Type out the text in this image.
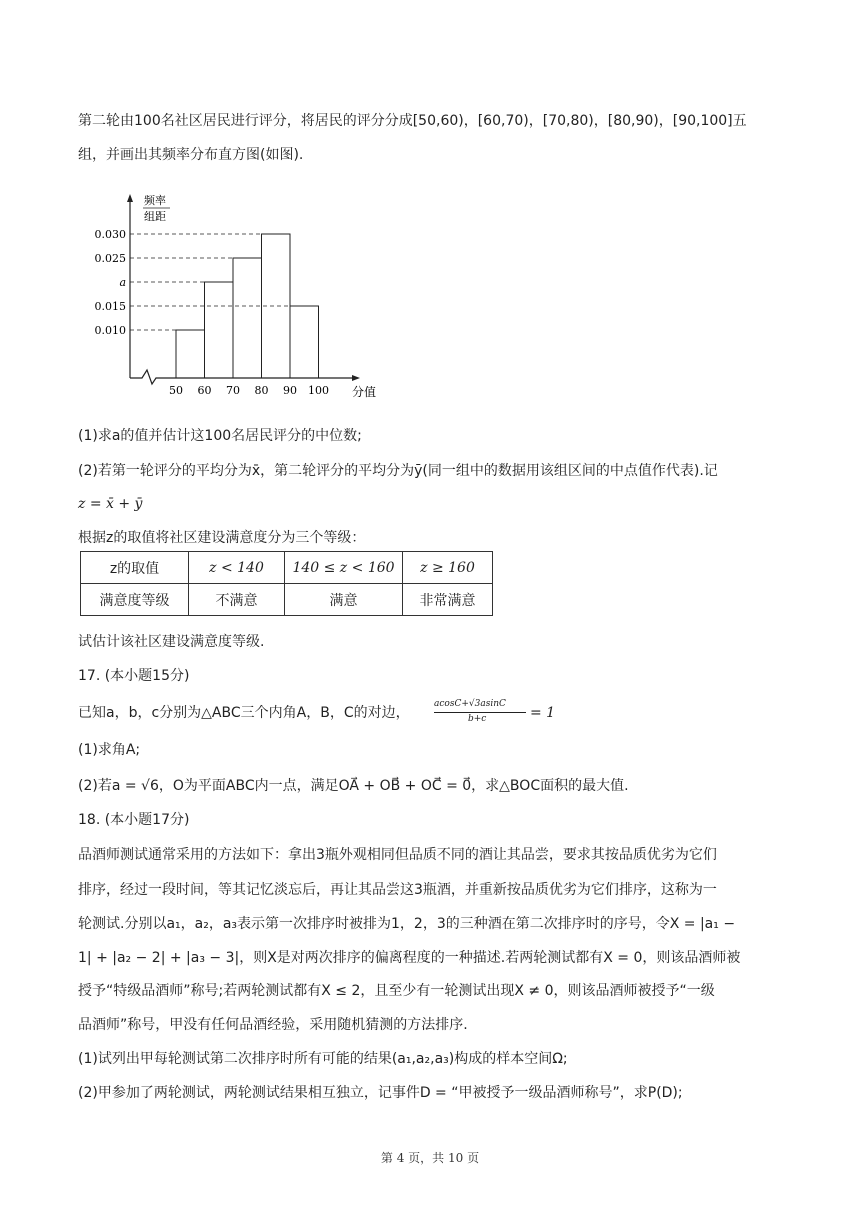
第二轮由100名社区居民进行评分，将居民的评分分成[50,60)，[60,70)，[70,80)，[80,90)，[90,100]五
组，并画出其频率分布直方图(如图).
频率
组距
0.010
0.015
a
0.025
0.030
50 60 70 80 90 100 分值
(1)求a的值并估计这100名居民评分的中位数;
(2)若第一轮评分的平均分为x̄，第二轮评分的平均分为ȳ(同一组中的数据用该组区间的中点值作代表).记
z = x̄ + ȳ
根据z的取值将社区建设满意度分为三个等级：
z的取值	z < 140	140 ≤ z < 160	z ≥ 160
满意度等级	不满意	满意	非常满意
试估计该社区建设满意度等级.
17. (本小题15分)
已知a，b，c分别为△ABC三个内角A，B，C的对边，
acosC+√3asinC
b+c	= 1
(1)求角A;
(2)若a = √6，O为平面ABC内一点，满足OA⃗ + OB⃗ + OC⃗ = 0⃗，求△BOC面积的最大值.
18. (本小题17分)
品酒师测试通常采用的方法如下：拿出3瓶外观相同但品质不同的酒让其品尝，要求其按品质优劣为它们
排序，经过一段时间，等其记忆淡忘后，再让其品尝这3瓶酒，并重新按品质优劣为它们排序，这称为一
轮测试.分别以a₁，a₂，a₃表示第一次排序时被排为1，2，3的三种酒在第二次排序时的序号，令X = |a₁ −
1| + |a₂ − 2| + |a₃ − 3|，则X是对两次排序的偏离程度的一种描述.若两轮测试都有X = 0，则该品酒师被
授予“特级品酒师”称号;若两轮测试都有X ≤ 2，且至少有一轮测试出现X ≠ 0，则该品酒师被授予“一级
品酒师”称号，甲没有任何品酒经验，采用随机猜测的方法排序.
(1)试列出甲每轮测试第二次排序时所有可能的结果(a₁,a₂,a₃)构成的样本空间Ω;
(2)甲参加了两轮测试，两轮测试结果相互独立，记事件D = “甲被授予一级品酒师称号”，求P(D);
第 4 页，共 10 页
